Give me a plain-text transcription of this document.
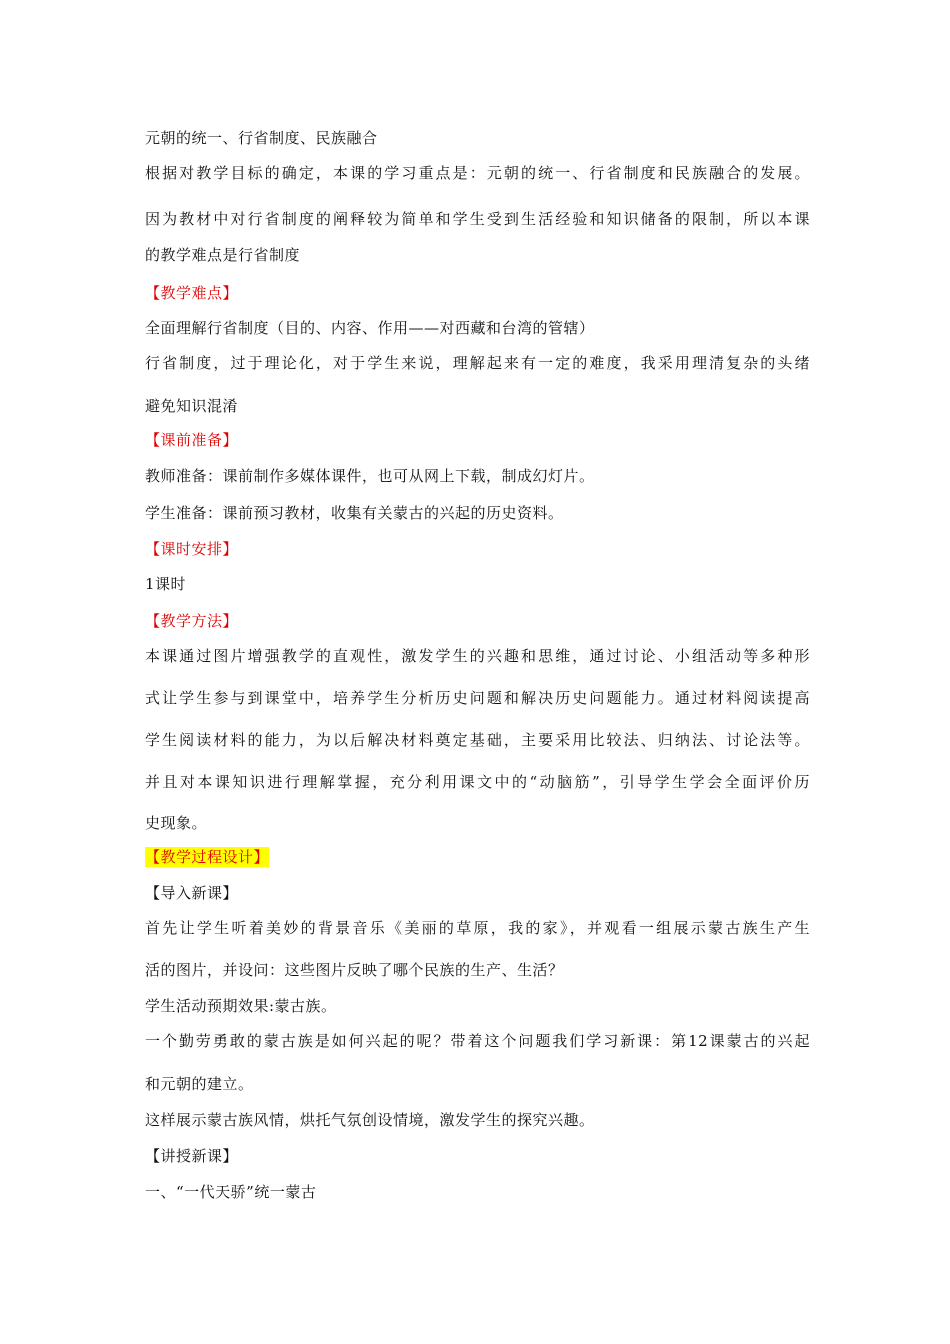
元朝的统一、行省制度、民族融合

根据对教学目标的确定，本课的学习重点是：元朝的统一、行省制度和民族融合的发展。

因为教材中对行省制度的阐释较为简单和学生受到生活经验和知识储备的限制，所以本课

的教学难点是行省制度

【教学难点】

全面理解行省制度（目的、内容、作用——对西藏和台湾的管辖）

行省制度，过于理论化，对于学生来说，理解起来有一定的难度，我采用理清复杂的头绪

避免知识混淆

【课前准备】

教师准备：课前制作多媒体课件，也可从网上下载，制成幻灯片。

学生准备：课前预习教材，收集有关蒙古的兴起的历史资料。

【课时安排】

1课时

【教学方法】

本课通过图片增强教学的直观性，激发学生的兴趣和思维，通过讨论、小组活动等多种形

式让学生参与到课堂中，培养学生分析历史问题和解决历史问题能力。通过材料阅读提高

学生阅读材料的能力，为以后解决材料奠定基础，主要采用比较法、归纳法、讨论法等。

并且对本课知识进行理解掌握，充分利用课文中的“动脑筋”，引导学生学会全面评价历

史现象。

【教学过程设计】

【导入新课】

首先让学生听着美妙的背景音乐《美丽的草原，我的家》，并观看一组展示蒙古族生产生

活的图片，并设问：这些图片反映了哪个民族的生产、生活？

学生活动预期效果:蒙古族。

一个勤劳勇敢的蒙古族是如何兴起的呢？带着这个问题我们学习新课：第12课蒙古的兴起

和元朝的建立。

这样展示蒙古族风情，烘托气氛创设情境，激发学生的探究兴趣。

【讲授新课】

一、“一代天骄”统一蒙古
